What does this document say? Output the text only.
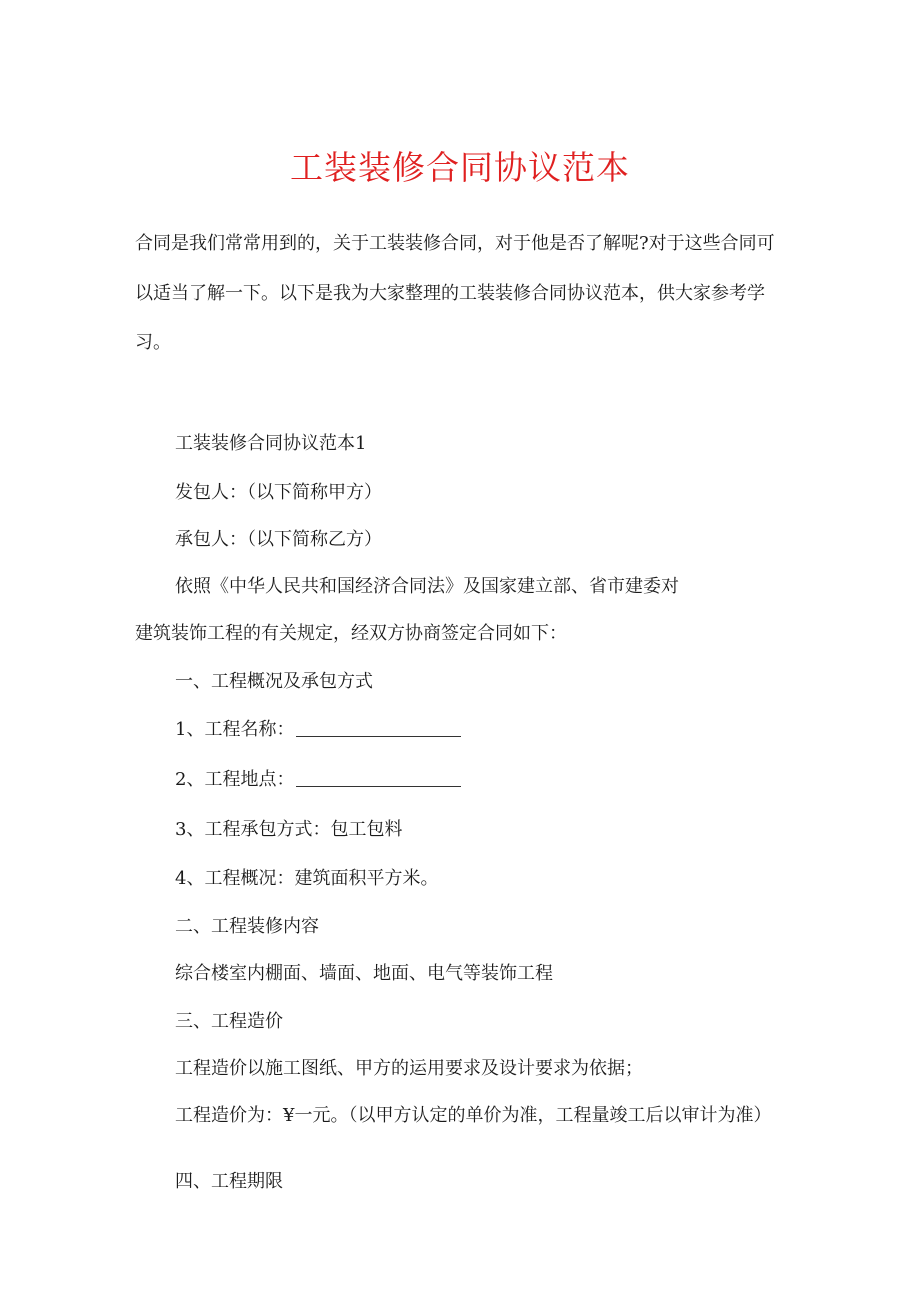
工装装修合同协议范本
合同是我们常常用到的，关于工装装修合同，对于他是否了解呢?对于这些合同可
以适当了解一下。以下是我为大家整理的工装装修合同协议范本，供大家参考学
习。
工装装修合同协议范本1
发包人：（以下简称甲方）
承包人：（以下简称乙方）
依照《中华人民共和国经济合同法》及国家建立部、省市建委对
建筑装饰工程的有关规定，经双方协商签定合同如下：
一、工程概况及承包方式
1、工程名称：
2、工程地点：
3、工程承包方式：包工包料
4、工程概况：建筑面积平方米。
二、工程装修内容
综合楼室内棚面、墙面、地面、电气等装饰工程
三、工程造价
工程造价以施工图纸、甲方的运用要求及设计要求为依据；
工程造价为：¥一元。（以甲方认定的单价为准，工程量竣工后以审计为准）
四、工程期限
